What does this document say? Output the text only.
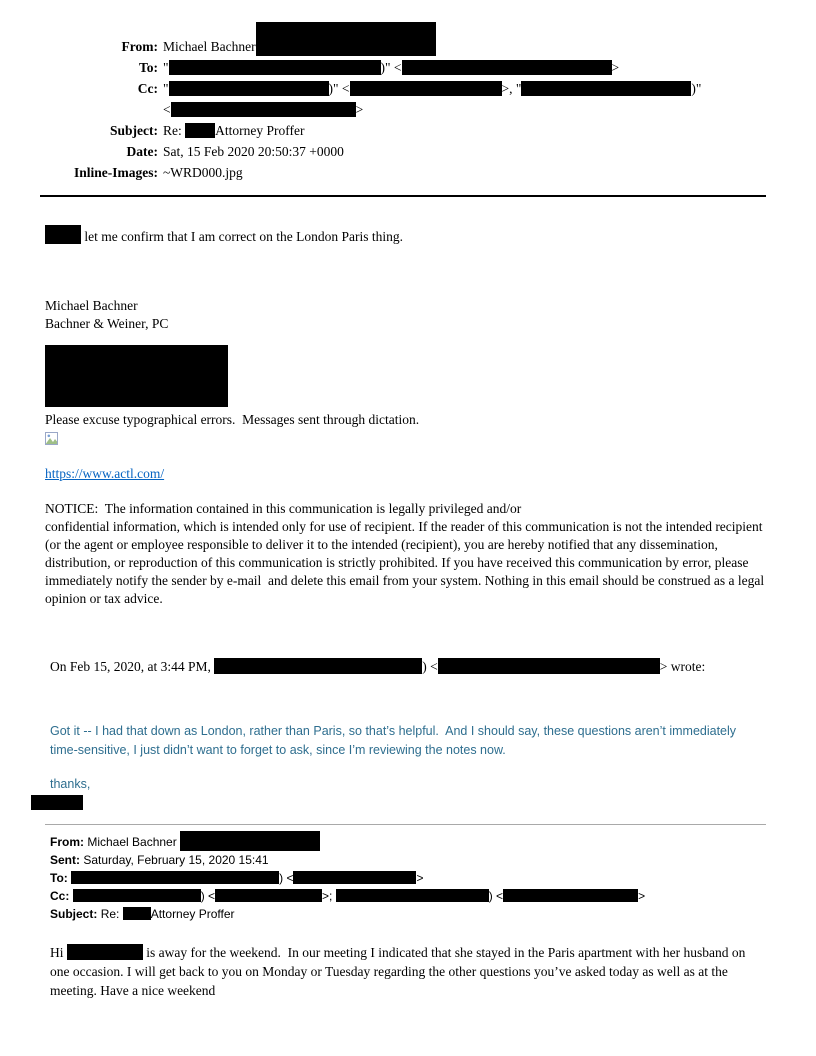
From: Michael Bachner
To: "	)" <	>
Cc: "	)" <	>, "	)"
<	>
Subject: Re: Attorney Proffer
Date: Sat, 15 Feb 2020 20:50:37 +0000
Inline-Images: ~WRD000.jpg
let me confirm that I am correct on the London Paris thing.
Michael Bachner
Bachner & Weiner, PC
Please excuse typographical errors.  Messages sent through dictation.
https://www.actl.com/
NOTICE:  The information contained in this communication is legally privileged and/or
confidential information, which is intended only for use of recipient. If the reader of this communication is not the intended recipient (or the agent or employee responsible to deliver it to the intended (recipient), you are hereby notified that any dissemination, distribution, or reproduction of this communication is strictly prohibited. If you have received this communication by error, please immediately notify the sender by e-mail  and delete this email from your system. Nothing in this email should be construed as a legal opinion or tax advice.
On Feb 15, 2020, at 3:44 PM,	) <	> wrote:
Got it -- I had that down as London, rather than Paris, so that’s helpful.  And I should say, these questions aren’t immediately time-sensitive, I just didn’t want to forget to ask, since I’m reviewing the notes now.
thanks,
From: Michael Bachner
Sent: Saturday, February 15, 2020 15:41
To:	) <	>
Cc:	) <	>;	) <	>
Subject: Re:	Attorney Proffer
Hi	is away for the weekend.  In our meeting I indicated that she stayed in the Paris apartment with her husband on one occasion. I will get back to you on Monday or Tuesday regarding the other questions you’ve asked today as well as at the meeting. Have a nice weekend
